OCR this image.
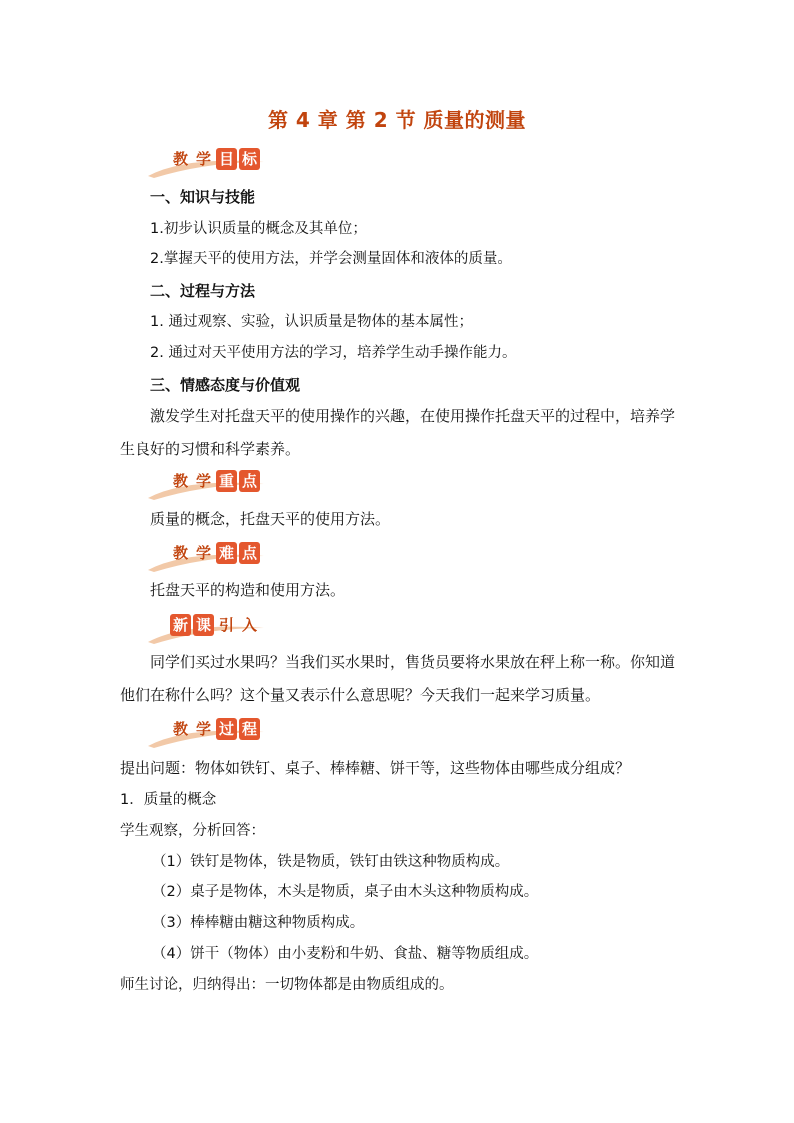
第 4 章 第 2 节 质量的测量
教 学 目 标
一、知识与技能
1.初步认识质量的概念及其单位；
2.掌握天平的使用方法，并学会测量固体和液体的质量。
二、过程与方法
1. 通过观察、实验，认识质量是物体的基本属性；
2. 通过对天平使用方法的学习，培养学生动手操作能力。
三、情感态度与价值观
激发学生对托盘天平的使用操作的兴趣，在使用操作托盘天平的过程中，培养学生良好的习惯和科学素养。
教 学 重 点
质量的概念，托盘天平的使用方法。
教 学 难 点
托盘天平的构造和使用方法。
新 课 引 入
同学们买过水果吗？当我们买水果时，售货员要将水果放在秤上称一称。你知道他们在称什么吗？这个量又表示什么意思呢？今天我们一起来学习质量。
教 学 过 程
提出问题：物体如铁钉、桌子、棒棒糖、饼干等，这些物体由哪些成分组成？
1．质量的概念
学生观察，分析回答：
（1）铁钉是物体，铁是物质，铁钉由铁这种物质构成。
（2）桌子是物体，木头是物质，桌子由木头这种物质构成。
（3）棒棒糖由糖这种物质构成。
（4）饼干（物体）由小麦粉和牛奶、食盐、糖等物质组成。
师生讨论，归纳得出：一切物体都是由物质组成的。
